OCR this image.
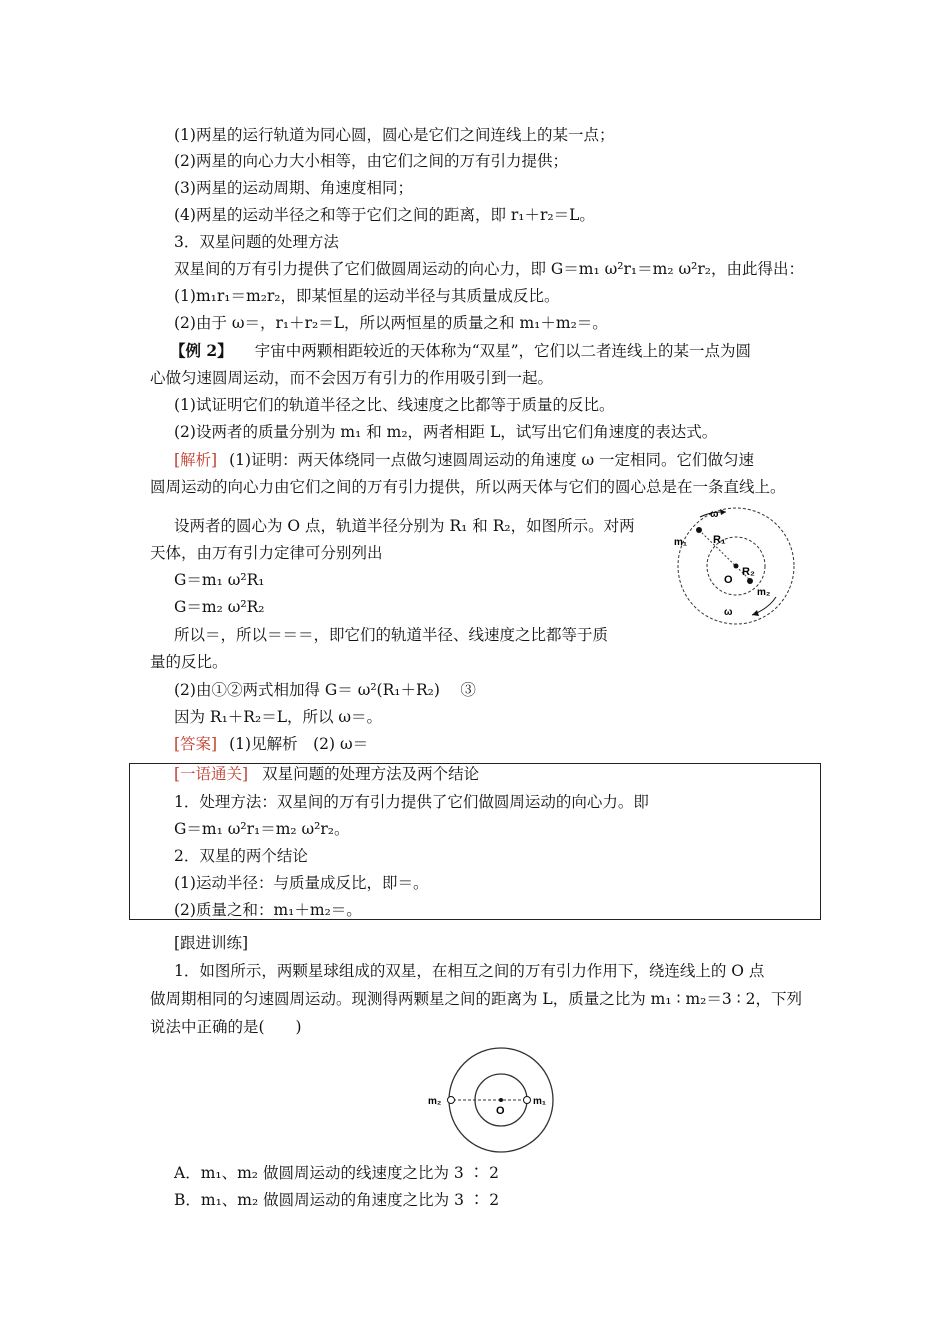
(1)两星的运行轨道为同心圆，圆心是它们之间连线上的某一点；
(2)两星的向心力大小相等，由它们之间的万有引力提供；
(3)两星的运动周期、角速度相同；
(4)两星的运动半径之和等于它们之间的距离，即 r₁＋r₂＝L。
3．双星问题的处理方法
双星间的万有引力提供了它们做圆周运动的向心力，即 G＝m₁ ω²r₁＝m₂ ω²r₂，由此得出：
(1)m₁r₁＝m₂r₂，即某恒星的运动半径与其质量成反比。
(2)由于 ω＝，r₁＋r₂＝L，所以两恒星的质量之和 m₁＋m₂＝。
【例 2】 宇宙中两颗相距较近的天体称为“双星”，它们以二者连线上的某一点为圆
心做匀速圆周运动，而不会因万有引力的作用吸引到一起。
(1)试证明它们的轨道半径之比、线速度之比都等于质量的反比。
(2)设两者的质量分别为 m₁ 和 m₂，两者相距 L，试写出它们角速度的表达式。
[解析] (1)证明：两天体绕同一点做匀速圆周运动的角速度 ω 一定相同。它们做匀速
圆周运动的向心力由它们之间的万有引力提供，所以两天体与它们的圆心总是在一条直线上。
设两者的圆心为 O 点，轨道半径分别为 R₁ 和 R₂，如图所示。对两
天体，由万有引力定律可分别列出
G＝m₁ ω²R₁
G＝m₂ ω²R₂
所以＝，所以＝＝＝，即它们的轨道半径、线速度之比都等于质
量的反比。
(2)由①②两式相加得 G＝ ω²(R₁＋R₂)　 ③
因为 R₁＋R₂＝L，所以 ω＝。
[答案] (1)见解析　(2) ω＝
ω
ω
m₁
m₂
R₁
R₂
O
[一语通关] 双星问题的处理方法及两个结论
1．处理方法：双星间的万有引力提供了它们做圆周运动的向心力。即
G＝m₁ ω²r₁＝m₂ ω²r₂。
2．双星的两个结论
(1)运动半径：与质量成反比，即＝。
(2)质量之和：m₁＋m₂＝。
[跟进训练]
1．如图所示，两颗星球组成的双星，在相互之间的万有引力作用下，绕连线上的 O 点
做周期相同的匀速圆周运动。现测得两颗星之间的距离为 L，质量之比为 m₁ ∶ m₂＝3 ∶ 2，下列
说法中正确的是(　　)
m₂	m₁
O
A．m₁、m₂ 做圆周运动的线速度之比为 3 ∶ 2
B．m₁、m₂ 做圆周运动的角速度之比为 3 ∶ 2
